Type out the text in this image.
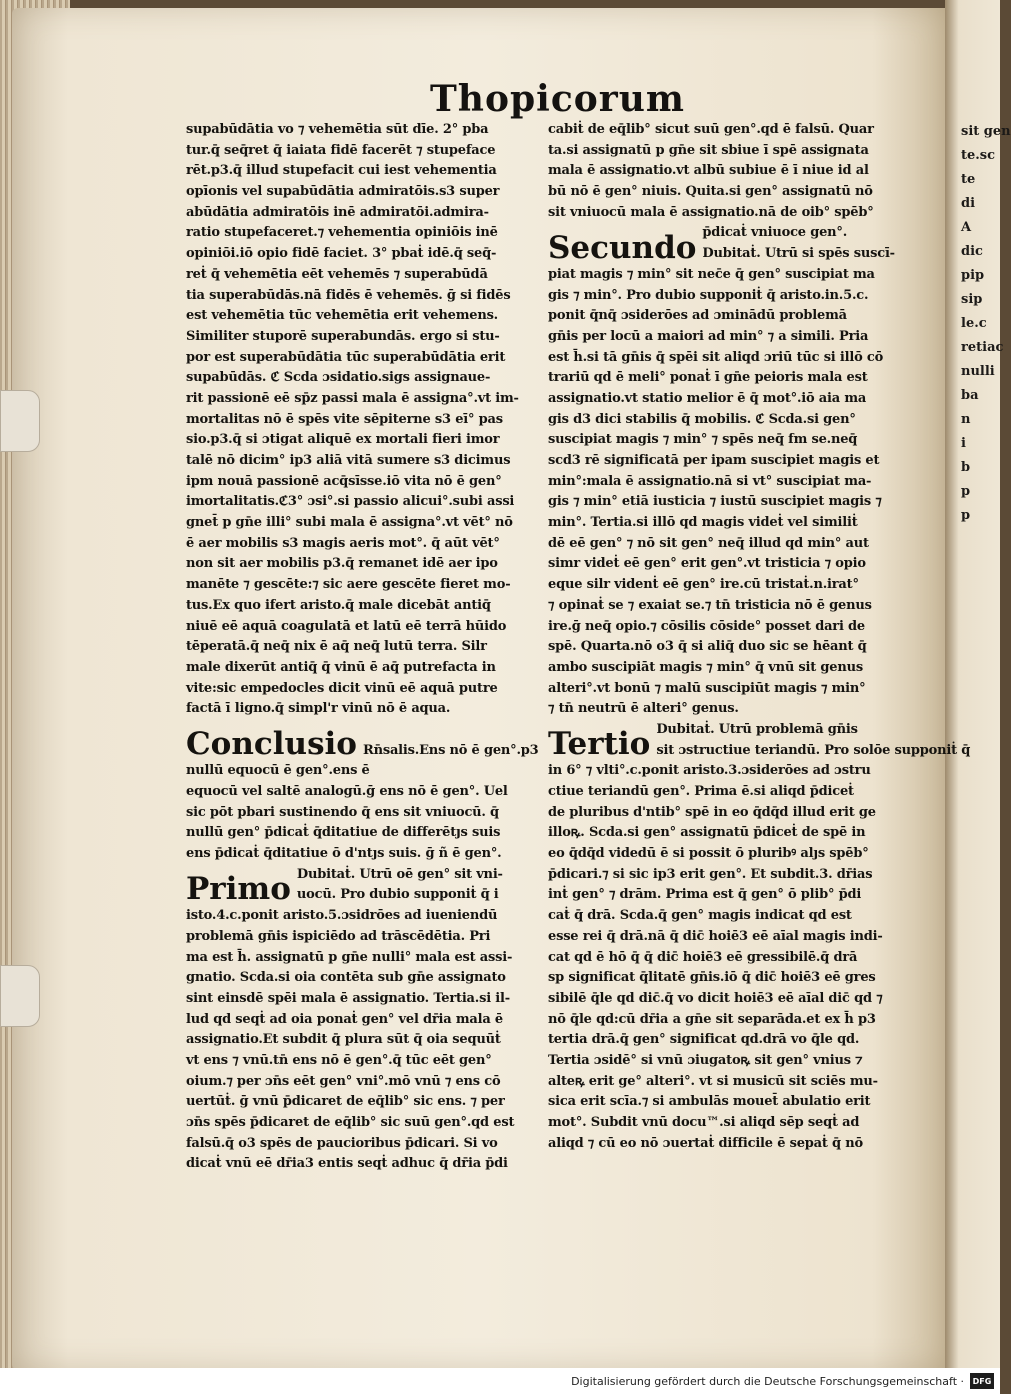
sit gen
te.sc
te
di
A
dic
pip
sip
le.c
retiac
nulli
ba
n
i
b
p
p
Thopicorum
supabūdātia vo ⁊ vehemētia sūt dīe. 2° pba
tur.q̄ seq̄ret q̄ iaiata fidē facerēt ⁊ stupeface
rēt.p3.q̄ illud stupefacit cui iest vehementia
opīonis vel supabūdātia admiratōis.s3 super
abūdātia admiratōis inē admiratōi.admira-
ratio stupefaceret.⁊ vehementia opiniōis inē
opiniōi.iō opio fidē faciet. 3° pbaṫ idē.q̄ seq̄-
reṫ q̄ vehemētia eēt vehemēs ⁊ superabūdā
tia superabūdās.nā fidēs ē vehemēs. ḡ si fidēs
est vehemētia tūc vehemētia erit vehemens.
Similiter stuporē superabundās. ergo si stu-
por est superabūdātia tūc superabūdātia erit
supabūdās. ℭ Scda ɔsidatio.sigs assignaue-
rit passionē eē sp̄z passi mala ē assigna°.vt im-
mortalitas nō ē spēs vite sēpiterne s3 eī° pas
sio.p3.q̄ si ɔtigat aliquē ex mortali fieri imor
talē nō dicim° ip3 aliā vitā sumere s3 dicimus
ipm nouā passionē acq̄sīsse.iō vita nō ē gen°
imortalitatis.ℭ3° ɔsi°.si passio alicui°.subi assi
gnet̄ p gn̄e illi° subi mala ē assigna°.vt vēt° nō
ē aer mobilis s3 magis aeris mot°. q̄ aūt vēt°
non sit aer mobilis p3.q̄ remanet idē aer ipo
manēte ⁊ gescēte:⁊ sic aere gescēte fieret mo-
tus.Ex quo ifert aristo.q̄ male dicebāt antiq̄
niuē eē aquā coagulatā et latū eē terrā hūido
tēperatā.q̄ neq̄ nix ē aq̄ neq̄ lutū terra. Silr
male dixerūt antiq̄ q̄ vinū ē aq̄ putrefacta in
vite:sic empedocles dicit vinū eē aquā putre
factā ī ligno.q̄ simpl'r vinū nō ē aqua.
Conclusio Rn̄salis.Ens nō ē gen°.p3
nullū equocū ē gen°.ens ē
equocū vel saltē analogū.ḡ ens nō ē gen°. Uel
sic pōt pbari sustinendo q̄ ens sit vniuocū. q̄
nullū gen° p̄dicaṫ q̄ditatiue de differētȷs suis
ens p̄dicaṫ q̄ditatiue ō d'ntȷs suis. ḡ ñ ē gen°.
Primo Dubitaṫ. Utrū oē gen° sit vni-
uocū. Pro dubio supponiṫ q̄ i
isto.4.c.ponit aristo.5.ɔsidrōes ad iueniendū
problemā gn̄is ispiciēdo ad trāscēdētia. Pri
ma est h̄. assignatū p gn̄e nulli° mala est assi-
gnatio. Scda.si oia contēta sub gn̄e assignato
sint einsdē spēi mala ē assignatio. Tertia.si il-
lud qd seqṫ ad oia ponaṫ gen° vel dr̄ia mala ē
assignatio.Et subdit q̄ plura sūt q̄ oia sequūṫ
vt ens ⁊ vnū.tn̄ ens nō ē gen°.q̄ tūc eēt gen°
oium.⁊ per ɔn̄s eēt gen° vni°.mō vnū ⁊ ens cō
uertūṫ. ḡ vnū p̄dicaret de eq̄lib° sic ens. ⁊ per
ɔn̄s spēs p̄dicaret de eq̄lib° sic suū gen°.qd est
falsū.q̄ o3 spēs de paucioribus p̄dicari. Si vo
dicaṫ vnū eē dr̄ia3 entis seqṫ adhuc q̄ dr̄ia p̄di
cabiṫ de eq̄lib° sicut suū gen°.qd ē falsū. Quar
ta.si assignatū p gn̄e sit sbiue ī spē assignata
mala ē assignatio.vt albū subiue ē ī niue id al
bū nō ē gen° niuis. Quita.si gen° assignatū nō
sit vniuocū mala ē assignatio.nā de oib° spēb°
Secundo p̄dicaṫ vniuoce gen°.
Dubitaṫ. Utrū si spēs suscī-
piat magis ⁊ min° sit nec̄e q̄ gen° suscipiat ma
gis ⁊ min°. Pro dubio supponiṫ q̄ aristo.in.5.c.
ponit q̄nq̄ ɔsiderōes ad ɔminādū problemā
gn̄is per locū a maiori ad min° ⁊ a simili. Pria
est h̄.si tā gn̄is q̄ spēi sit aliqd ɔriū tūc si illō cō
trariū qd ē meli° ponaṫ ī gn̄e peioris mala est
assignatio.vt statio melior ē q̄ mot°.iō aia ma
gis d3 dici stabilis q̄ mobilis. ℭ Scda.si gen°
suscipiat magis ⁊ min° ⁊ spēs neq̄ fm se.neq̄
scd3 rē significatā per ipam suscipiet magis et
min°:mala ē assignatio.nā si vt° suscipiat ma-
gis ⁊ min° etiā iusticia ⁊ iustū suscipiet magis ⁊
min°. Tertia.si illō qd magis videṫ vel similiṫ
dē eē gen° ⁊ nō sit gen° neq̄ illud qd min° aut
simr videṫ eē gen° erit gen°.vt tristicia ⁊ opio
eque silr videnṫ eē gen° ire.cū tristaṫ.n.irat°
⁊ opinaṫ se ⁊ exaiat se.⁊ tn̄ tristicia nō ē genus
ire.ḡ neq̄ opio.⁊ cōsilis cōside° posset dari de
spē. Quarta.nō o3 q̄ si aliq̄ duo sic se hēant q̄
ambo suscipiāt magis ⁊ min° q̄ vnū sit genus
alteri°.vt bonū ⁊ malū suscipiūt magis ⁊ min°
⁊ tn̄ neutrū ē alteri° genus.
Tertio Dubitaṫ. Utrū problemā gn̄is
sit ɔstructiue teriandū. Pro solōe supponiṫ q̄
in 6° ⁊ vlti°.c.ponit aristo.3.ɔsiderōes ad ɔstru
ctiue teriandū gen°. Prima ē.si aliqd p̄diceṫ
de pluribus d'ntib° spē in eo q̄dq̄d illud erit ge
illoꝶ. Scda.si gen° assignatū p̄diceṫ de spē in
eo q̄dq̄d videdū ē si possit ō pluribꝰ alȷs spēb°
p̄dicari.⁊ si sic ip3 erit gen°. Et subdit.3. dr̄ias
inṫ gen° ⁊ drām. Prima est q̄ gen° ō plib° p̄di
caṫ q̄ drā. Scda.q̄ gen° magis indicat qd est
esse rei q̄ drā.nā q̄ dic̄ hoiē3 eē aīal magis indi-
cat qd ē hō q̄ q̄ dic̄ hoiē3 eē gressibilē.q̄ drā
sp significat q̄litatē gn̄is.iō q̄ dic̄ hoiē3 eē gres
sibilē q̄le qd dic̄.q̄ vo dicit hoiē3 eē aīal dic̄ qd ⁊
nō q̄le qd:cū dr̄ia a gn̄e sit separāda.et ex h̄ p3
tertia drā.q̄ gen° significat qd.drā vo q̄le qd.
Tertia ɔsidē° si vnū ɔiugatoꝶ sit gen° vnius ⁊
alteꝶ erit ge° alteri°. vt si musicū sit sciēs mu-
sica erit scīa.⁊ si ambulās mouet̄ abulatio erit
mot°. Subdit vnū docu™.si aliqd sēp seqṫ ad
aliqd ⁊ cū eo nō ɔuertaṫ difficile ē sepaṫ q̄ nō
Digitalisierung gefördert durch die Deutsche Forschungsgemeinschaft ·	DFG
